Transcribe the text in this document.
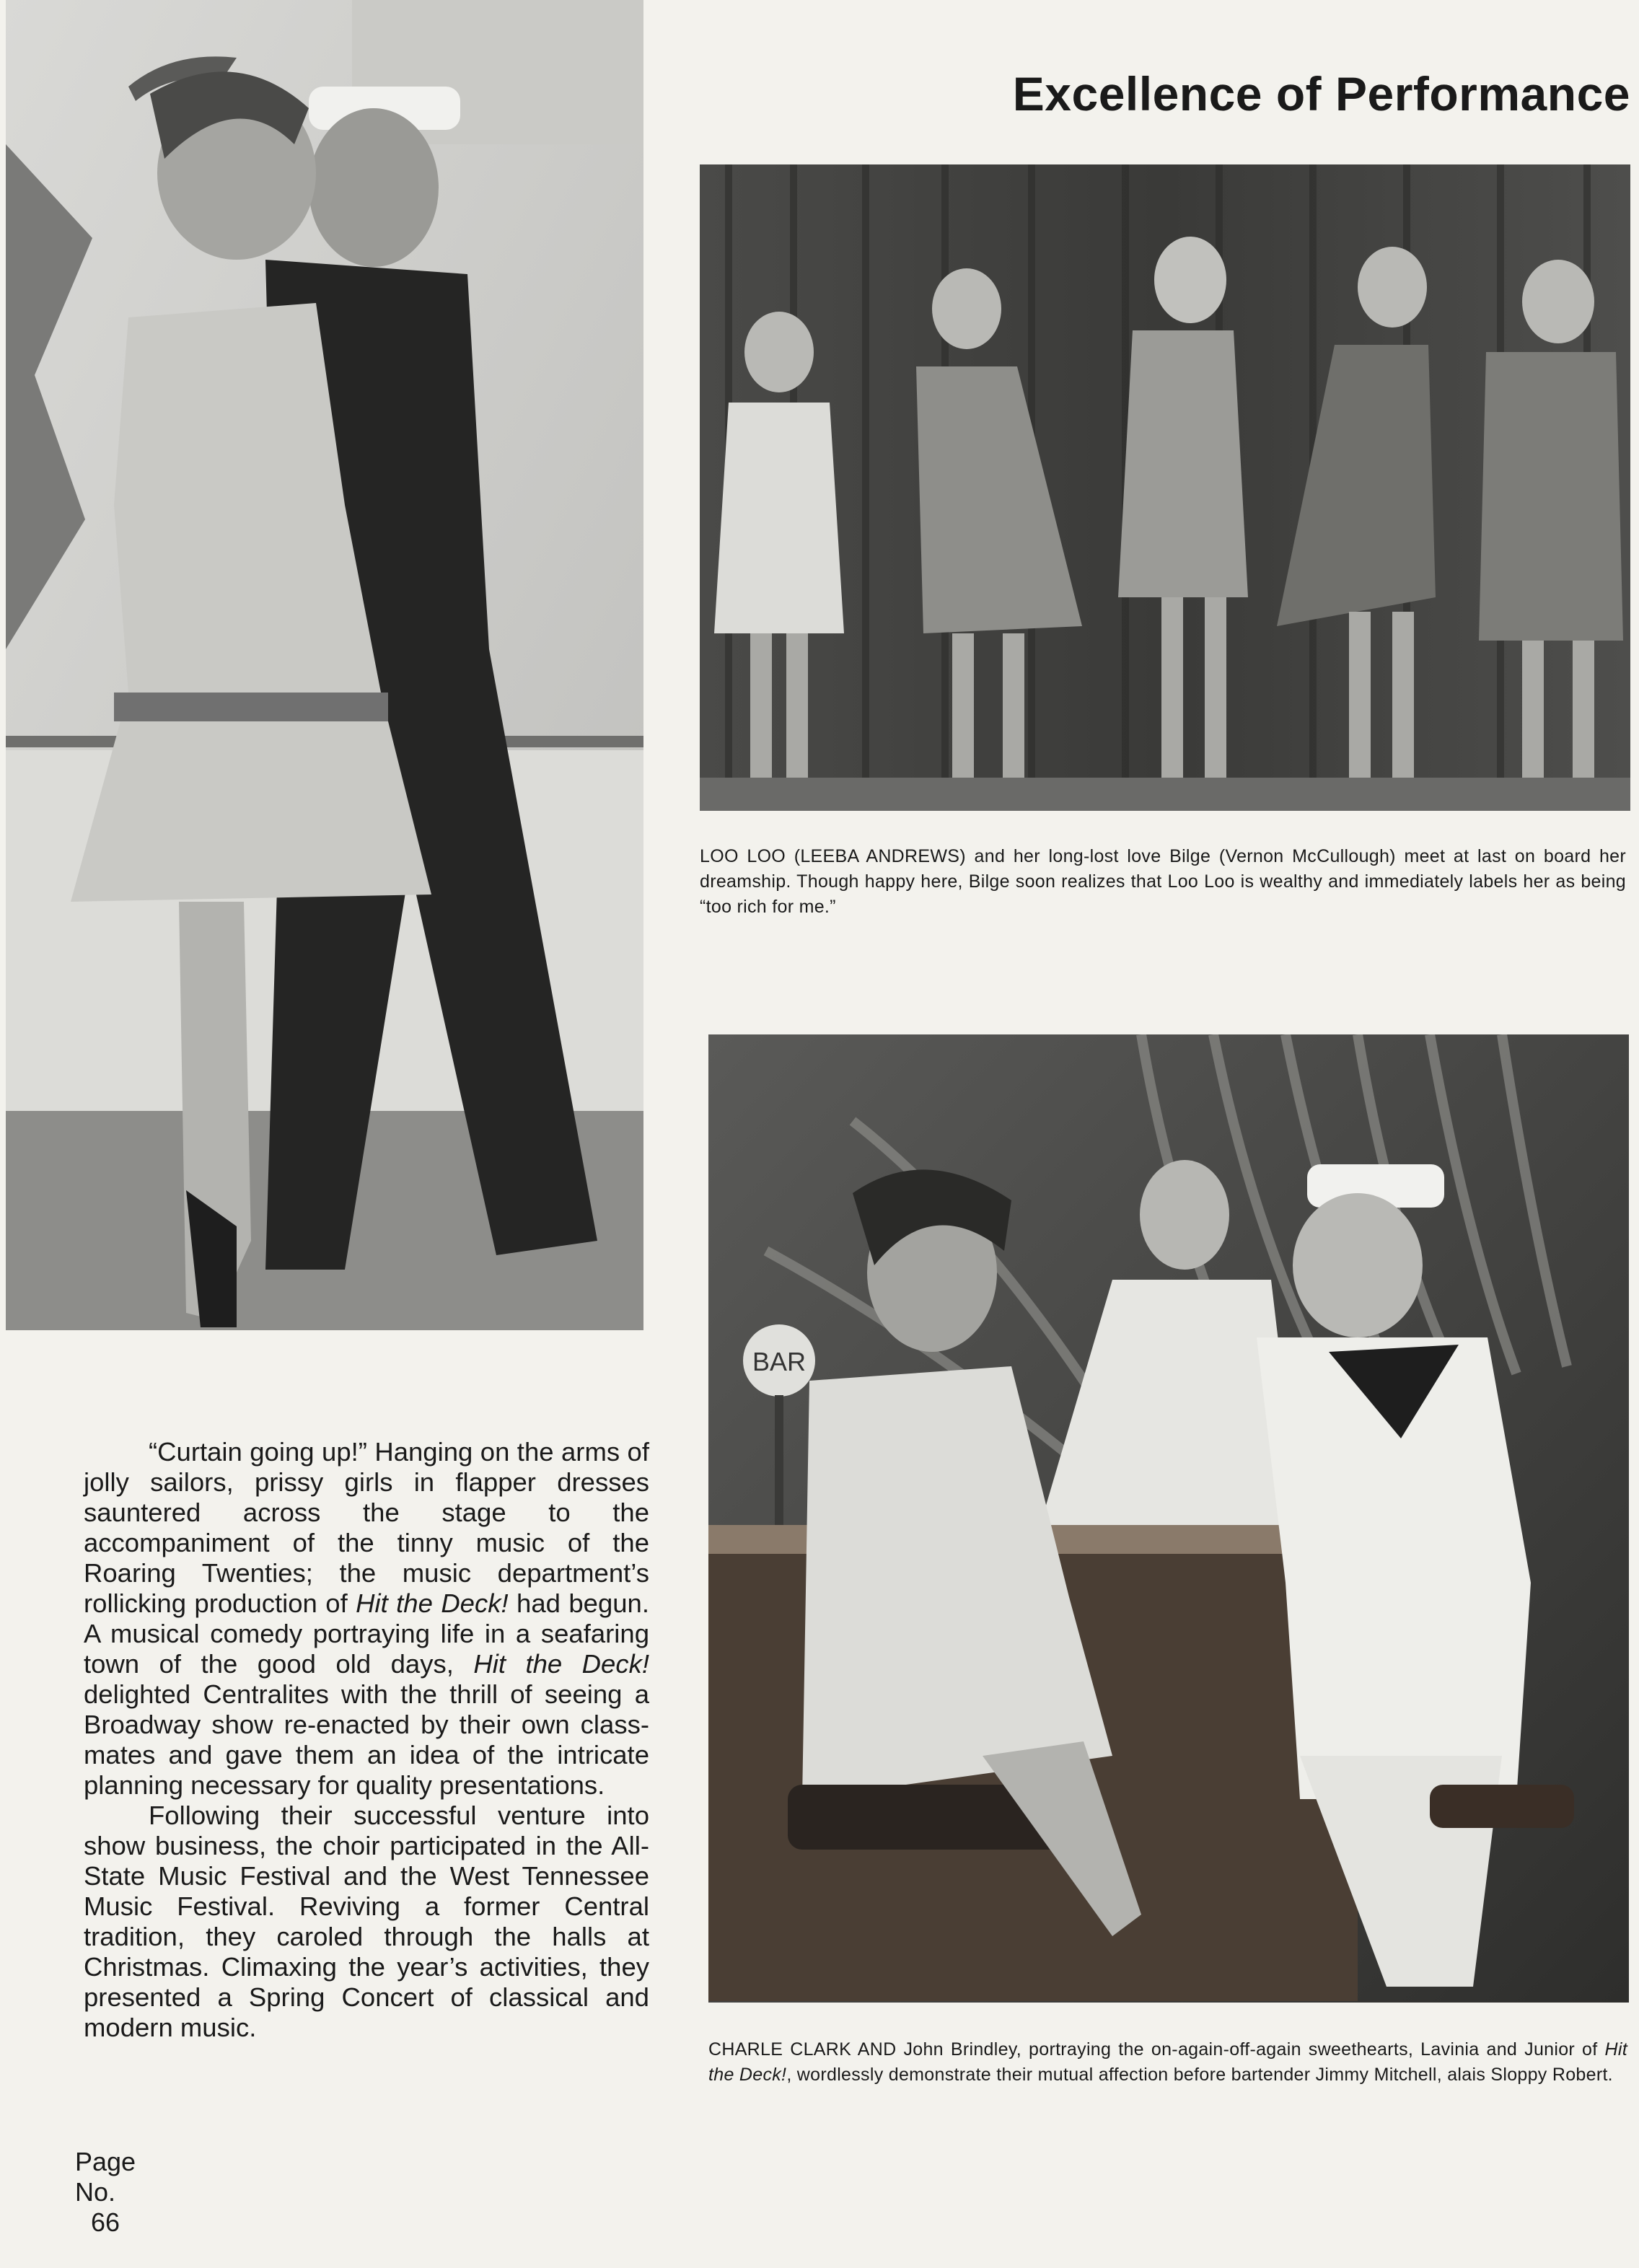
Excellence of Performance
LOO LOO (LEEBA ANDREWS) and her long-lost love Bilge (Vernon McCullough) meet at last on board her dreamship. Though happy here, Bilge soon realizes that Loo Loo is wealthy and immediately labels her as being “too rich for me.”
BAR
CHARLE CLARK AND John Brindley, portraying the on-again-off-again sweethearts, Lavinia and Junior of Hit the Deck!, wordlessly demonstrate their mutual affection before bartender Jimmy Mitchell, alais Sloppy Robert.

“Curtain going up!” Hanging on the arms of jolly sailors, prissy girls in flapper dresses sauntered across the stage to the accompaniment of the tinny music of the Roaring Twenties; the music department’s rollicking production of Hit the Deck! had begun. A musical comedy portraying life in a seafaring town of the good old days, Hit the Deck! delighted Centralites with the thrill of seeing a Broadway show re-enacted by their own class-mates and gave them an idea of the intricate planning necessary for quality presentations.

Following their successful venture into show business, the choir participated in the All-State Music Festival and the West Tennessee Music Festival. Reviving a former Central tradition, they caroled through the halls at Christmas. Climaxing the year’s activities, they presented a Spring Concert of classical and modern music.

Page
No.
66
